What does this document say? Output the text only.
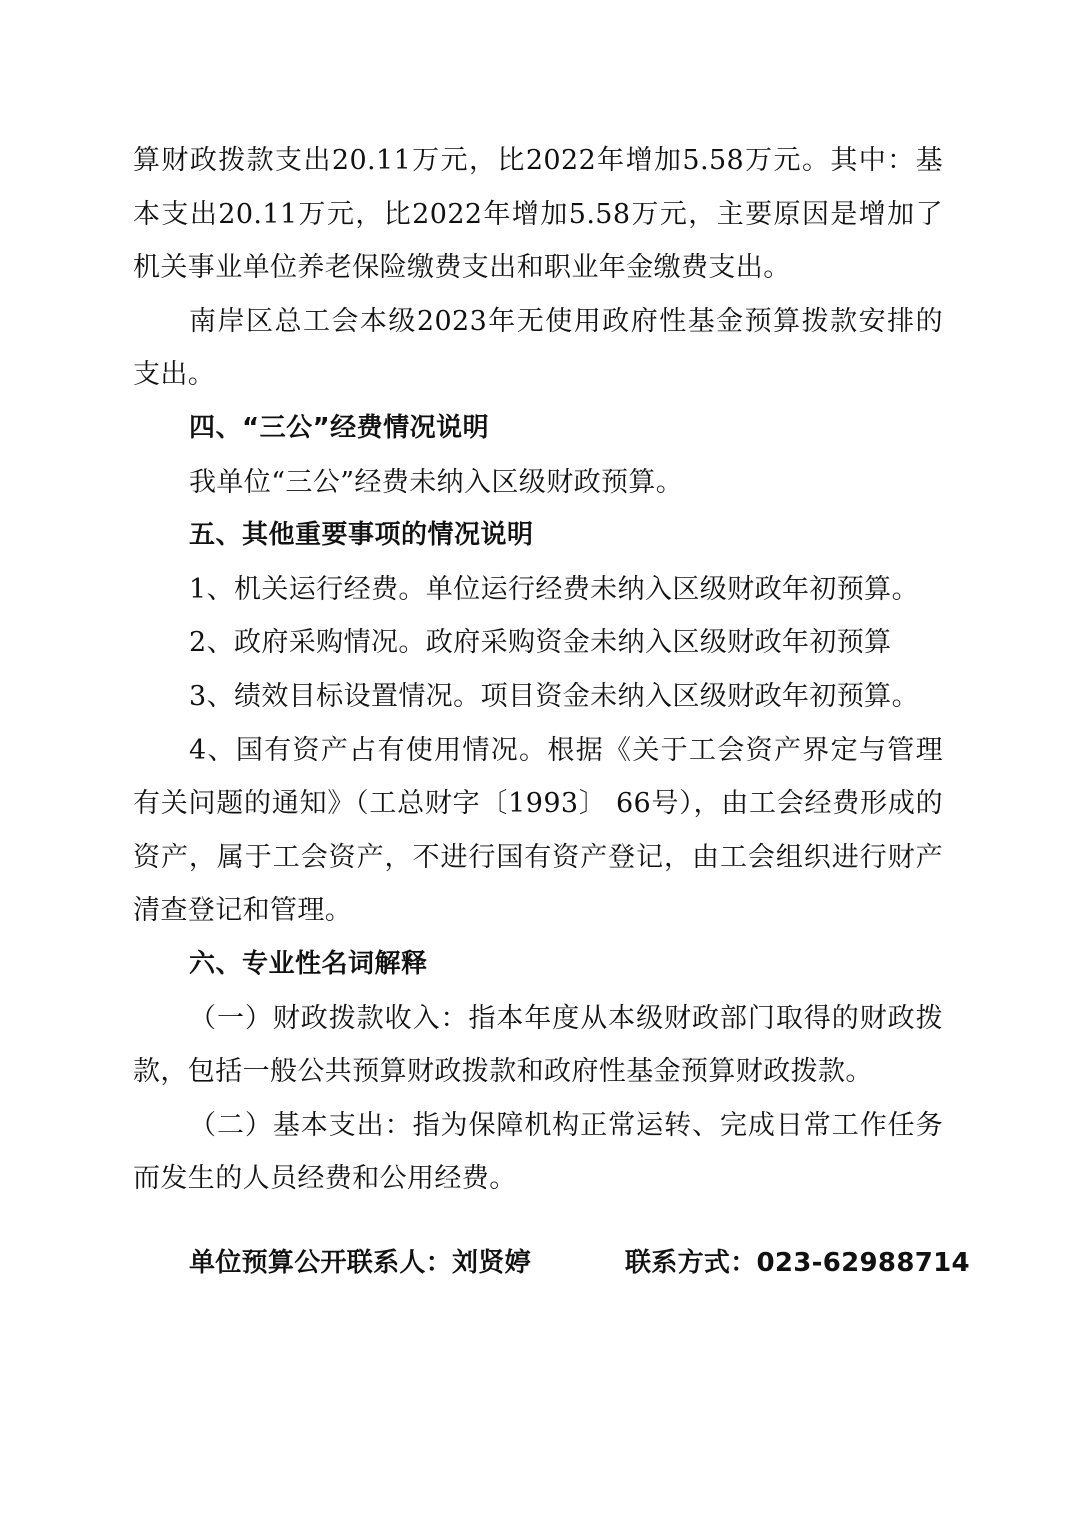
算财政拨款支出20.11万元，比2022年增加5.58万元。其中：基本支出20.11万元，比2022年增加5.58万元，主要原因是增加了机关事业单位养老保险缴费支出和职业年金缴费支出。

南岸区总工会本级2023年无使用政府性基金预算拨款安排的支出。

四、“三公”经费情况说明

我单位“三公”经费未纳入区级财政预算。

五、其他重要事项的情况说明

1、机关运行经费。单位运行经费未纳入区级财政年初预算。

2、政府采购情况。政府采购资金未纳入区级财政年初预算

3、绩效目标设置情况。项目资金未纳入区级财政年初预算。

4、国有资产占有使用情况。根据《关于工会资产界定与管理有关问题的通知》（工总财字〔1993〕 66号），由工会经费形成的资产，属于工会资产，不进行国有资产登记，由工会组织进行财产清查登记和管理。

六、专业性名词解释

（一）财政拨款收入：指本年度从本级财政部门取得的财政拨款，包括一般公共预算财政拨款和政府性基金预算财政拨款。

（二）基本支出：指为保障机构正常运转、完成日常工作任务而发生的人员经费和公用经费。

单位预算公开联系人：刘贤婷	联系方式：023-62988714
